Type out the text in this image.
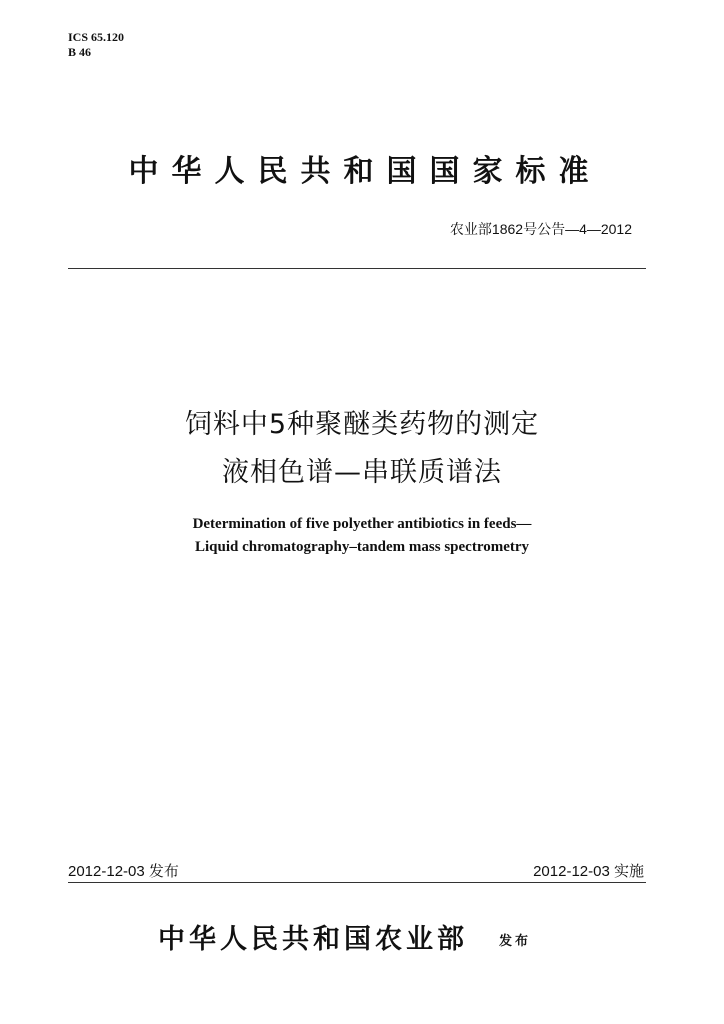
ICS 65.120
B 46
中华人民共和国国家标准
农业部1862号公告—4—2012
饲料中5种聚醚类药物的测定
液相色谱—串联质谱法
Determination of five polyether antibiotics in feeds—
Liquid chromatography–tandem mass spectrometry
2012-12-03 发布	2012-12-03 实施
中华人民共和国农业部 发布
